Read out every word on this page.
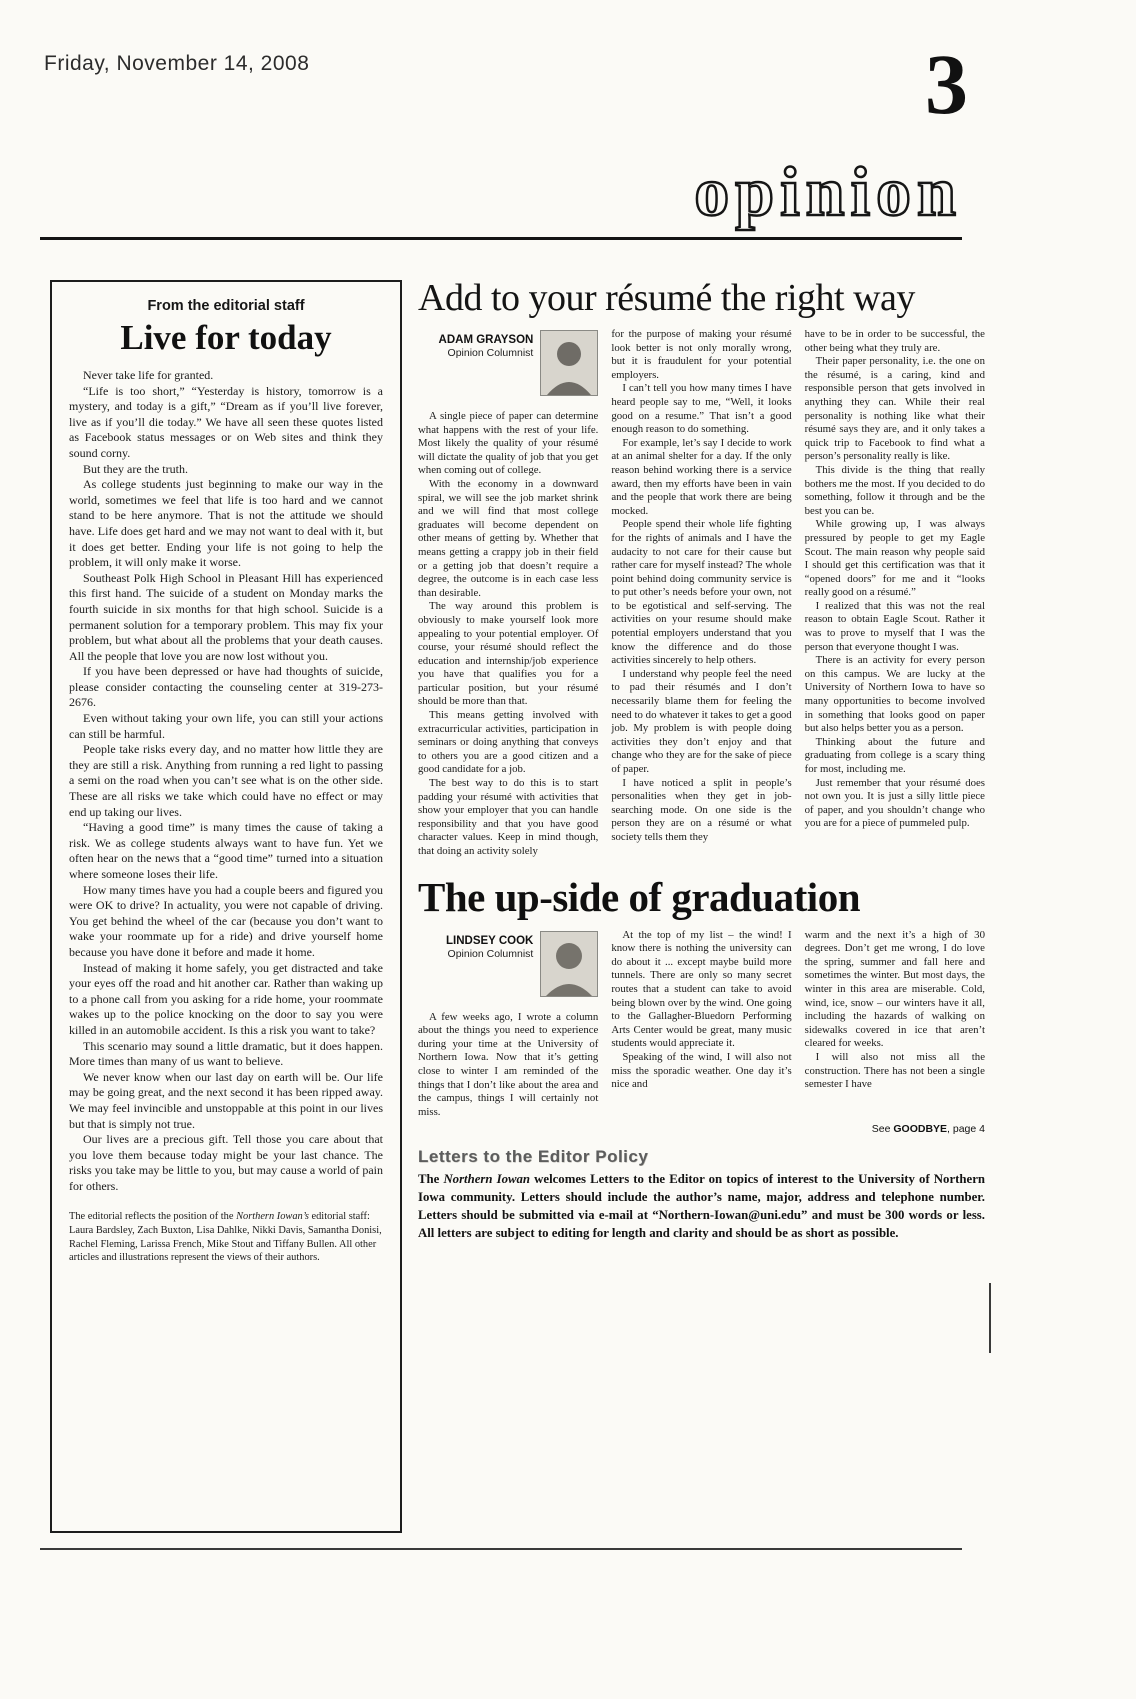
Friday, November 14, 2008	3
opinion
From the editorial staff
Live for today

Never take life for granted.

“Life is too short,” “Yesterday is history, tomorrow is a mystery, and today is a gift,” “Dream as if you’ll live forever, live as if you’ll die today.” We have all seen these quotes listed as Facebook status messages or on Web sites and think they sound corny.

But they are the truth.

As college students just beginning to make our way in the world, sometimes we feel that life is too hard and we cannot stand to be here anymore. That is not the attitude we should have. Life does get hard and we may not want to deal with it, but it does get better. Ending your life is not going to help the problem, it will only make it worse.

Southeast Polk High School in Pleasant Hill has experienced this first hand. The suicide of a student on Monday marks the fourth suicide in six months for that high school. Suicide is a permanent solution for a temporary problem. This may fix your problem, but what about all the problems that your death causes. All the people that love you are now lost without you.

If you have been depressed or have had thoughts of suicide, please consider contacting the counseling center at 319-273-2676.

Even without taking your own life, you can still your actions can still be harmful.

People take risks every day, and no matter how little they are they are still a risk. Anything from running a red light to passing a semi on the road when you can’t see what is on the other side. These are all risks we take which could have no effect or may end up taking our lives.

“Having a good time” is many times the cause of taking a risk. We as college students always want to have fun. Yet we often hear on the news that a “good time” turned into a situation where someone loses their life.

How many times have you had a couple beers and figured you were OK to drive? In actuality, you were not capable of driving. You get behind the wheel of the car (because you don’t want to wake your roommate up for a ride) and drive yourself home because you have done it before and made it home.

Instead of making it home safely, you get distracted and take your eyes off the road and hit another car. Rather than waking up to a phone call from you asking for a ride home, your roommate wakes up to the police knocking on the door to say you were killed in an automobile accident. Is this a risk you want to take?

This scenario may sound a little dramatic, but it does happen. More times than many of us want to believe.

We never know when our last day on earth will be. Our life may be going great, and the next second it has been ripped away. We may feel invincible and unstoppable at this point in our lives but that is simply not true.

Our lives are a precious gift. Tell those you care about that you love them because today might be your last chance. The risks you take may be little to you, but may cause a world of pain for others.

The editorial reflects the position of the Northern Iowan’s editorial staff: Laura Bardsley, Zach Buxton, Lisa Dahlke, Nikki Davis, Samantha Donisi, Rachel Fleming, Larissa French, Mike Stout and Tiffany Bullen. All other articles and illustrations represent the views of their authors.
Add to your résumé the right way
ADAM GRAYSON
Opinion Columnist

A single piece of paper can determine what happens with the rest of your life. Most likely the quality of your résumé will dictate the quality of job that you get when coming out of college.

With the economy in a downward spiral, we will see the job market shrink and we will find that most college graduates will become dependent on other means of getting by. Whether that means getting a crappy job in their field or a getting job that doesn’t require a degree, the outcome is in each case less than desirable.

The way around this problem is obviously to make yourself look more appealing to your potential employer. Of course, your résumé should reflect the education and internship/job experience you have that qualifies you for a particular position, but your résumé should be more than that.

This means getting involved with extracurricular activities, participation in seminars or doing anything that conveys to others you are a good citizen and a good candidate for a job.

The best way to do this is to start padding your résumé with activities that show your employer that you can handle responsibility and that you have good character values. Keep in mind though, that doing an activity solely

for the purpose of making your résumé look better is not only morally wrong, but it is fraudulent for your potential employers.

I can’t tell you how many times I have heard people say to me, “Well, it looks good on a resume.” That isn’t a good enough reason to do something.

For example, let’s say I decide to work at an animal shelter for a day. If the only reason behind working there is a service award, then my efforts have been in vain and the people that work there are being mocked.

People spend their whole life fighting for the rights of animals and I have the audacity to not care for their cause but rather care for myself instead? The whole point behind doing community service is to put other’s needs before your own, not to be egotistical and self-serving. The activities on your resume should make potential employers understand that you know the difference and do those activities sincerely to help others.

I understand why people feel the need to pad their résumés and I don’t necessarily blame them for feeling the need to do whatever it takes to get a good job. My problem is with people doing activities they don’t enjoy and that change who they are for the sake of piece of paper.

I have noticed a split in people’s personalities when they get in job-searching mode. On one side is the person they are on a résumé or what society tells them they

have to be in order to be successful, the other being what they truly are.

Their paper personality, i.e. the one on the résumé, is a caring, kind and responsible person that gets involved in anything they can. While their real personality is nothing like what their résumé says they are, and it only takes a quick trip to Facebook to find what a person’s personality really is like.

This divide is the thing that really bothers me the most. If you decided to do something, follow it through and be the best you can be.

While growing up, I was always pressured by people to get my Eagle Scout. The main reason why people said I should get this certification was that it “opened doors” for me and it “looks really good on a résumé.”

I realized that this was not the real reason to obtain Eagle Scout. Rather it was to prove to myself that I was the person that everyone thought I was.

There is an activity for every person on this campus. We are lucky at the University of Northern Iowa to have so many opportunities to become involved in something that looks good on paper but also helps better you as a person.

Thinking about the future and graduating from college is a scary thing for most, including me.

Just remember that your résumé does not own you. It is just a silly little piece of paper, and you shouldn’t change who you are for a piece of pummeled pulp.

The up-side of graduation
LINDSEY COOK
Opinion Columnist

A few weeks ago, I wrote a column about the things you need to experience during your time at the University of Northern Iowa. Now that it’s getting close to winter I am reminded of the things that I don’t like about the area and the campus, things I will certainly not miss.

At the top of my list – the wind! I know there is nothing the university can do about it ... except maybe build more tunnels. There are only so many secret routes that a student can take to avoid being blown over by the wind. One going to the Gallagher-Bluedorn Performing Arts Center would be great, many music students would appreciate it.

Speaking of the wind, I will also not miss the sporadic weather. One day it’s nice and

warm and the next it’s a high of 30 degrees. Don’t get me wrong, I do love the spring, summer and fall here and sometimes the winter. But most days, the winter in this area are miserable. Cold, wind, ice, snow – our winters have it all, including the hazards of walking on sidewalks covered in ice that aren’t cleared for weeks.

I will also not miss all the construction. There has not been a single semester I have

See GOODBYE, page 4
Letters to the Editor Policy
The Northern Iowan welcomes Letters to the Editor on topics of interest to the University of Northern Iowa community. Letters should include the author’s name, major, address and telephone number. Letters should be submitted via e-mail at “Northern-Iowan@uni.edu” and must be 300 words or less. All letters are subject to editing for length and clarity and should be as short as possible.
